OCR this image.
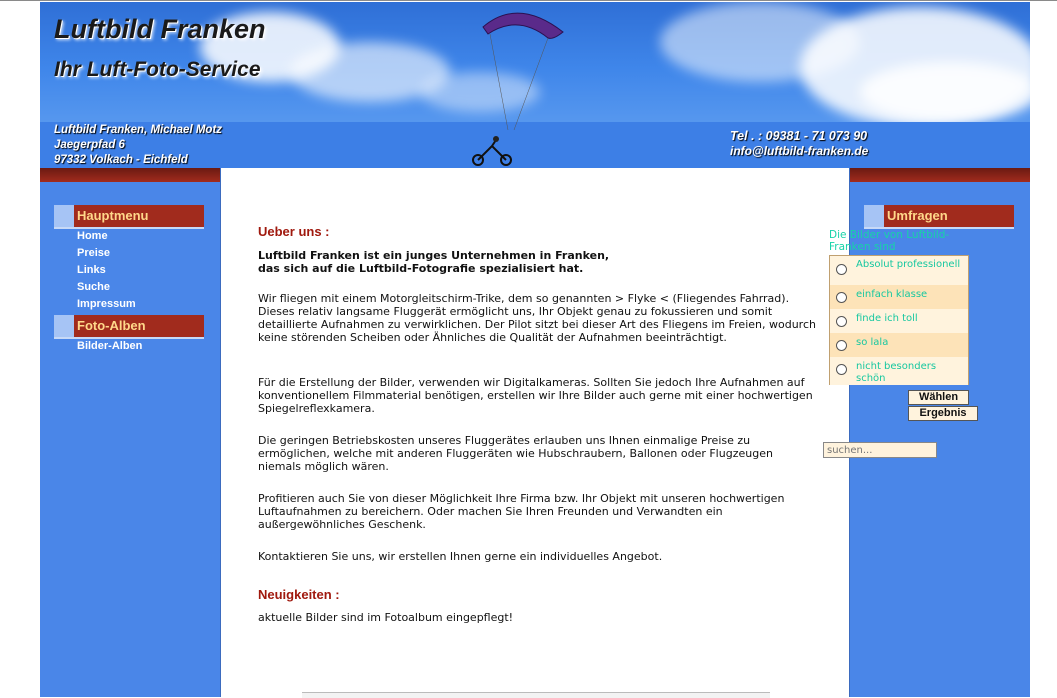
Luftbild Franken
Ihr Luft-Foto-Service
Luftbild Franken, Michael Motz
Jaegerpfad 6
97332 Volkach - Eichfeld
Tel . : 09381 - 71 073 90
info@luftbild-franken.de
Hauptmenu
Home
Preise
Links
Suche
Impressum
Foto-Alben
Bilder-Alben
Ueber uns :

Luftbild Franken ist ein junges Unternehmen in Franken,

das sich auf die Luftbild-Fotografie spezialisiert hat.

Wir fliegen mit einem Motorgleitschirm-Trike, dem so genannten > Flyke < (Fliegendes Fahrrad). Dieses relativ langsame Fluggerät ermöglicht uns, Ihr Objekt genau zu fokussieren und somit detaillierte Aufnahmen zu verwirklichen. Der Pilot sitzt bei dieser Art des Fliegens im Freien, wodurch keine störenden Scheiben oder Ähnliches die Qualität der Aufnahmen beeinträchtigt.

Für die Erstellung der Bilder, verwenden wir Digitalkameras. Sollten Sie jedoch Ihre Aufnahmen auf konventionellem Filmmaterial benötigen, erstellen wir Ihre Bilder auch gerne mit einer hochwertigen Spiegelreflexkamera.

Die geringen Betriebskosten unseres Fluggerätes erlauben uns Ihnen einmalige Preise zu ermöglichen, welche mit anderen Fluggeräten wie Hubschraubern, Ballonen oder Flugzeugen niemals möglich wären.

Profitieren auch Sie von dieser Möglichkeit Ihre Firma bzw. Ihr Objekt mit unseren hochwertigen Luftaufnahmen zu bereichern. Oder machen Sie Ihren Freunden und Verwandten ein außergewöhnliches Geschenk.

Kontaktieren Sie uns, wir erstellen Ihnen gerne ein individuelles Angebot.

Neuigkeiten :

aktuelle Bilder sind im Fotoalbum eingepflegt!

Umfragen
Die Bilder von Luftbild-Franken sind
Absolut professionell
einfach klasse
finde ich toll
so lala
nicht besonders schön
Wählen
Ergebnis
suchen...
